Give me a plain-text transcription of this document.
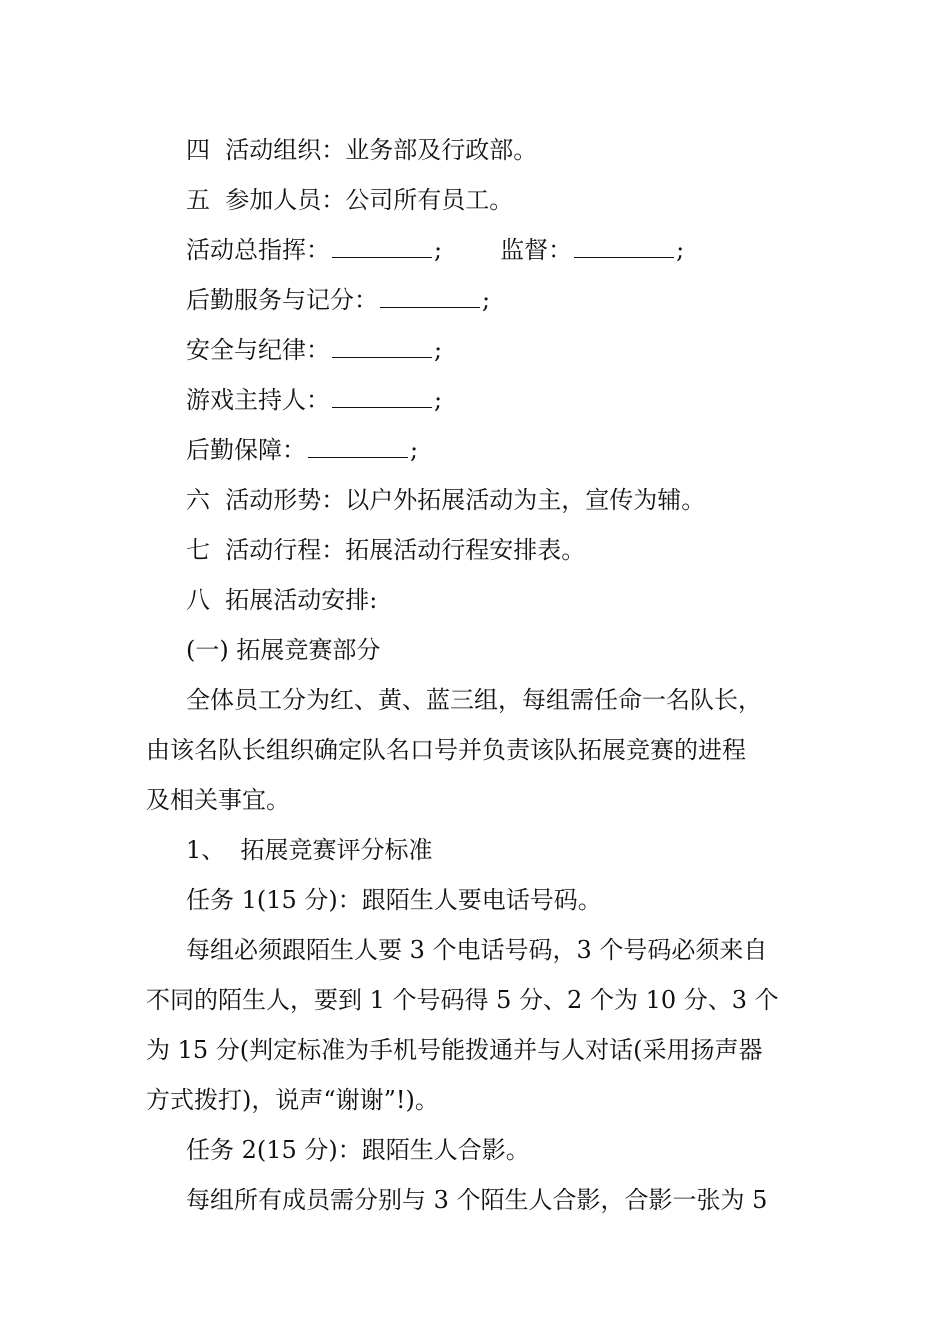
四  活动组织：业务部及行政部。
五  参加人员：公司所有员工。
活动总指挥：	; 监督：	;
后勤服务与记分：	;
安全与纪律：	;
游戏主持人：	;
后勤保障：	;
六  活动形势：以户外拓展活动为主，宣传为辅。
七  活动行程：拓展活动行程安排表。
八  拓展活动安排:
(一) 拓展竞赛部分
全体员工分为红、黄、蓝三组，每组需任命一名队长，
由该名队长组织确定队名口号并负责该队拓展竞赛的进程
及相关事宜。
1、  拓展竞赛评分标准
任务 1(15 分)：跟陌生人要电话号码。
每组必须跟陌生人要 3 个电话号码，3 个号码必须来自
不同的陌生人，要到 1 个号码得 5 分、2 个为 10 分、3 个
为 15 分(判定标准为手机号能拨通并与人对话(采用扬声器
方式拨打)，说声“谢谢”!)。
任务 2(15 分)：跟陌生人合影。
每组所有成员需分别与 3 个陌生人合影，合影一张为 5
